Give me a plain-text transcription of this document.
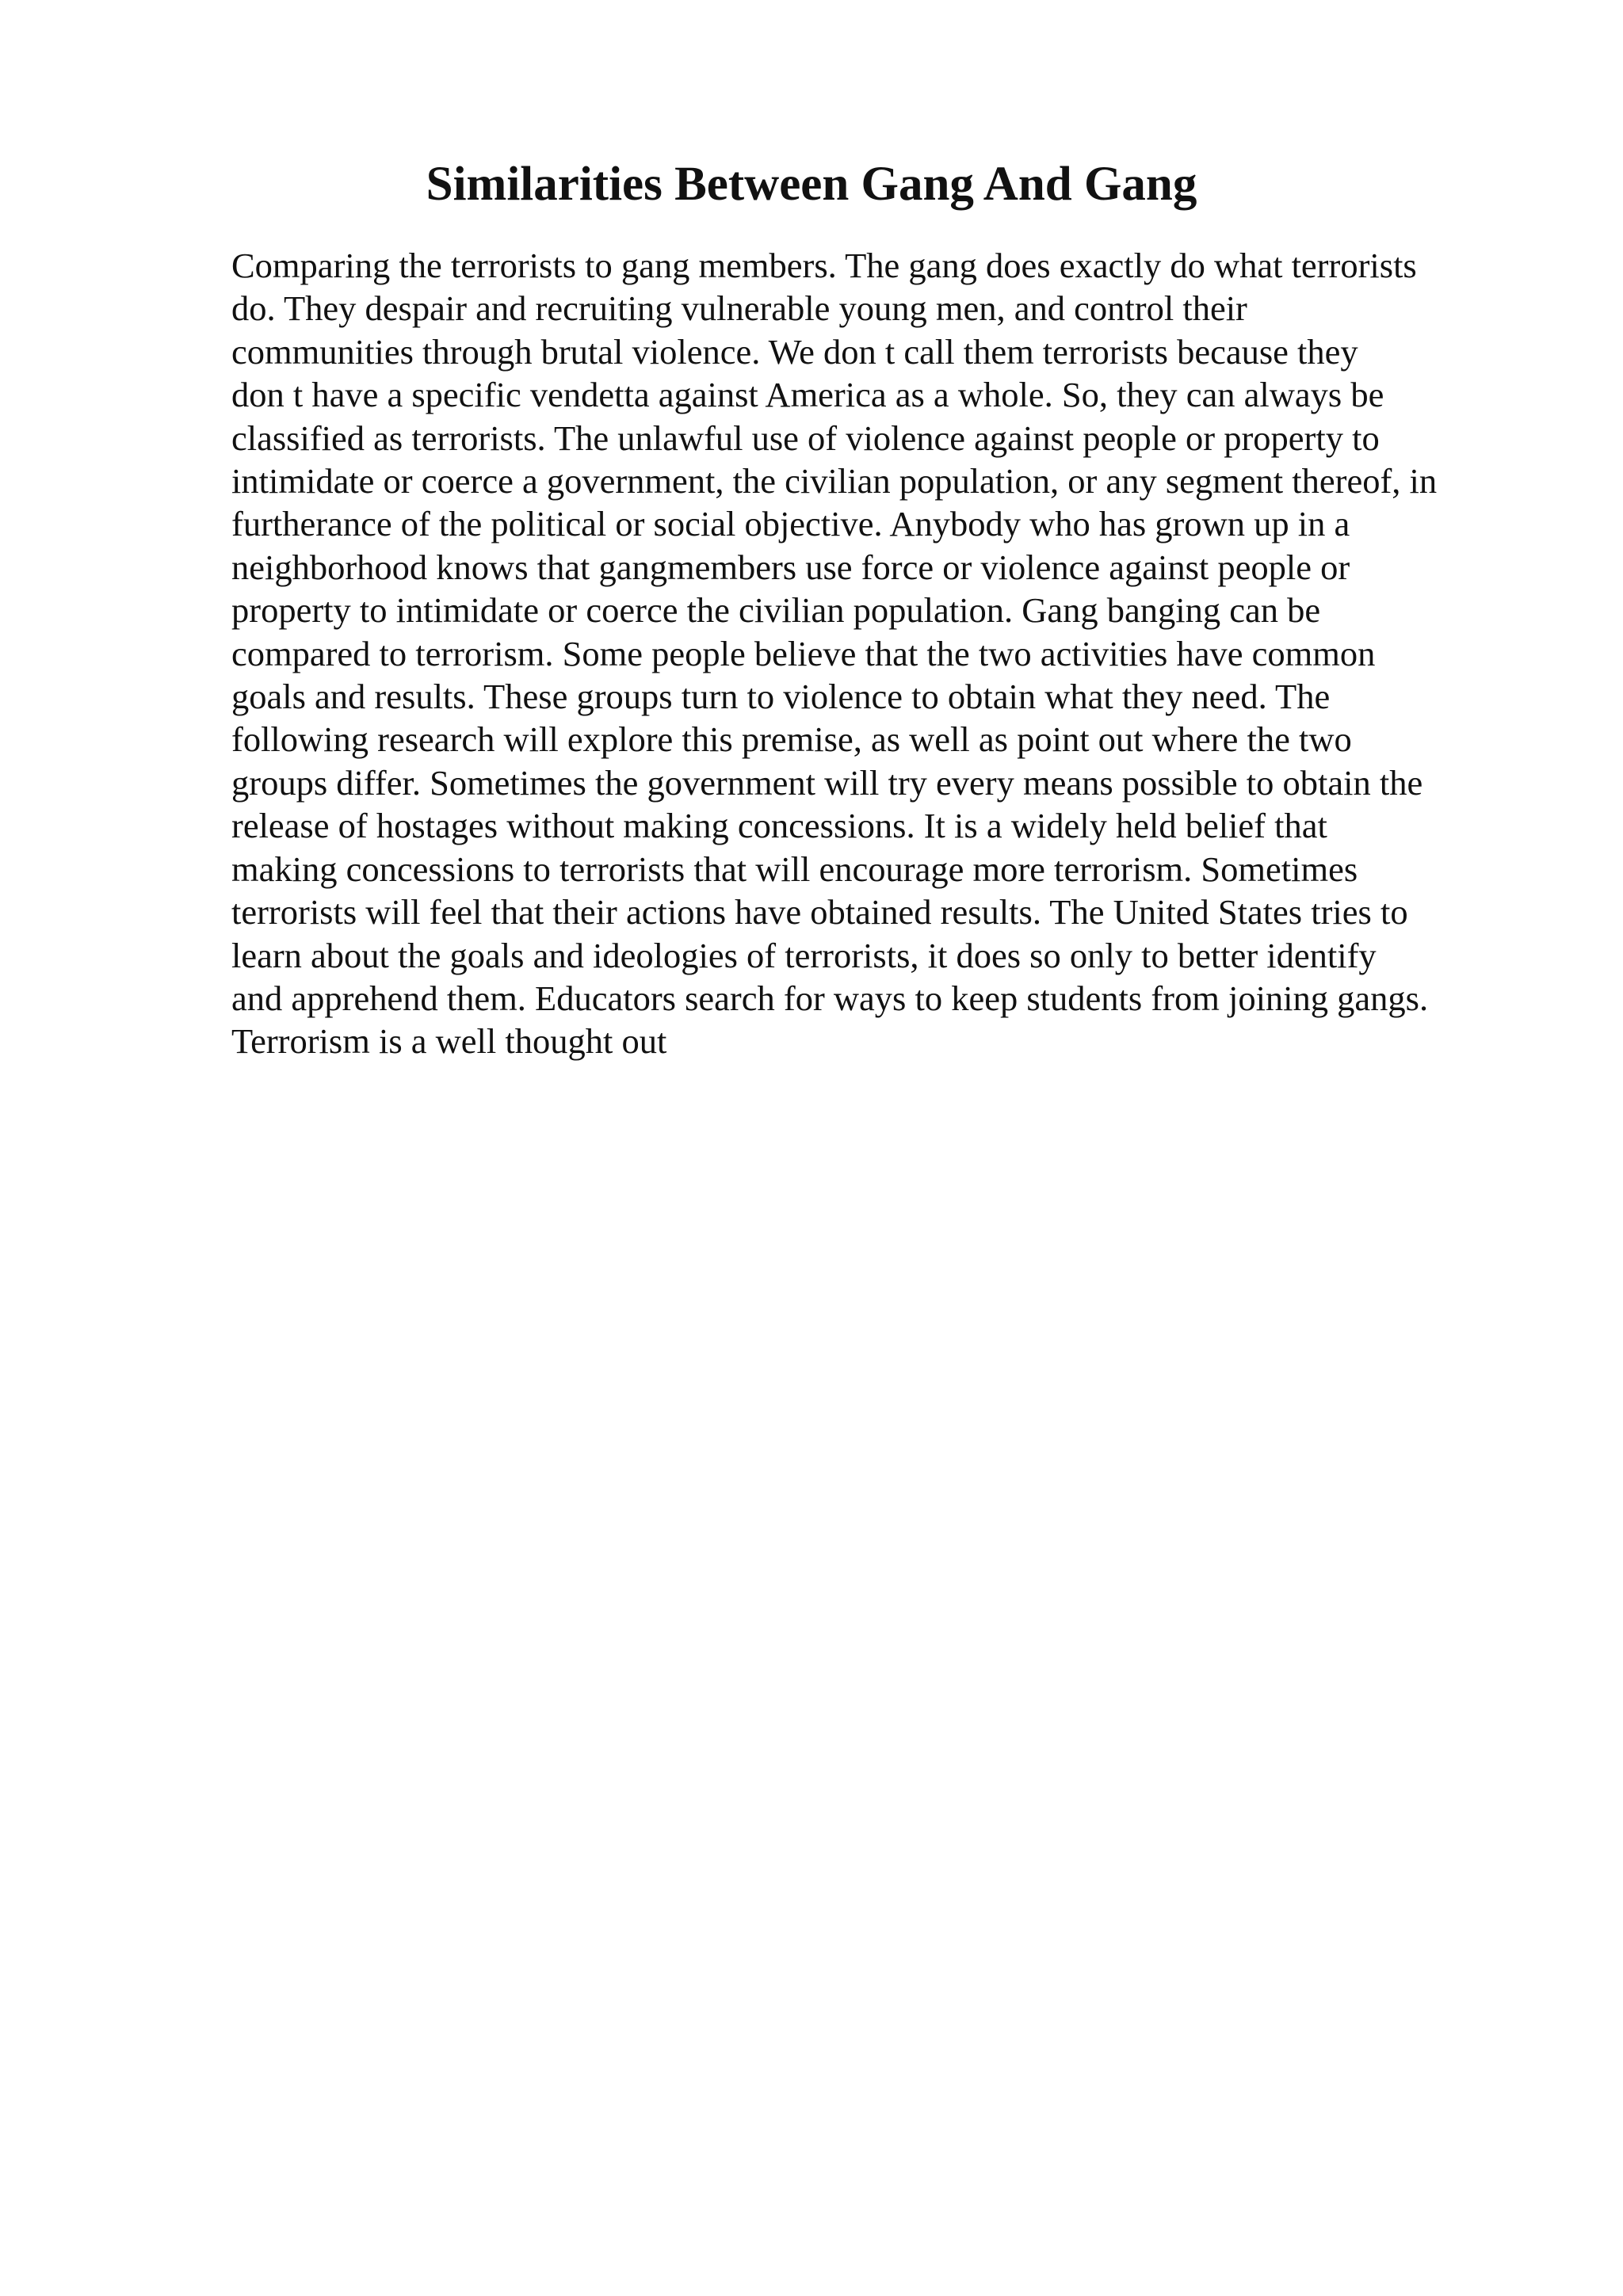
Similarities Between Gang And Gang
Comparing the terrorists to gang members. The gang does exactly do what terrorists
do. They despair and recruiting vulnerable young men, and control their
communities through brutal violence. We don t call them terrorists because they
don t have a specific vendetta against America as a whole. So, they can always be
classified as terrorists. The unlawful use of violence against people or property to
intimidate or coerce a government, the civilian population, or any segment thereof, in
furtherance of the political or social objective. Anybody who has grown up in a
neighborhood knows that gangmembers use force or violence against people or
property to intimidate or coerce the civilian population. Gang banging can be
compared to terrorism. Some people believe that the two activities have common
goals and results. These groups turn to violence to obtain what they need. The
following research will explore this premise, as well as point out where the two
groups differ. Sometimes the government will try every means possible to obtain the
release of hostages without making concessions. It is a widely held belief that
making concessions to terrorists that will encourage more terrorism. Sometimes
terrorists will feel that their actions have obtained results. The United States tries to
learn about the goals and ideologies of terrorists, it does so only to better identify
and apprehend them. Educators search for ways to keep students from joining gangs.
Terrorism is a well thought out
